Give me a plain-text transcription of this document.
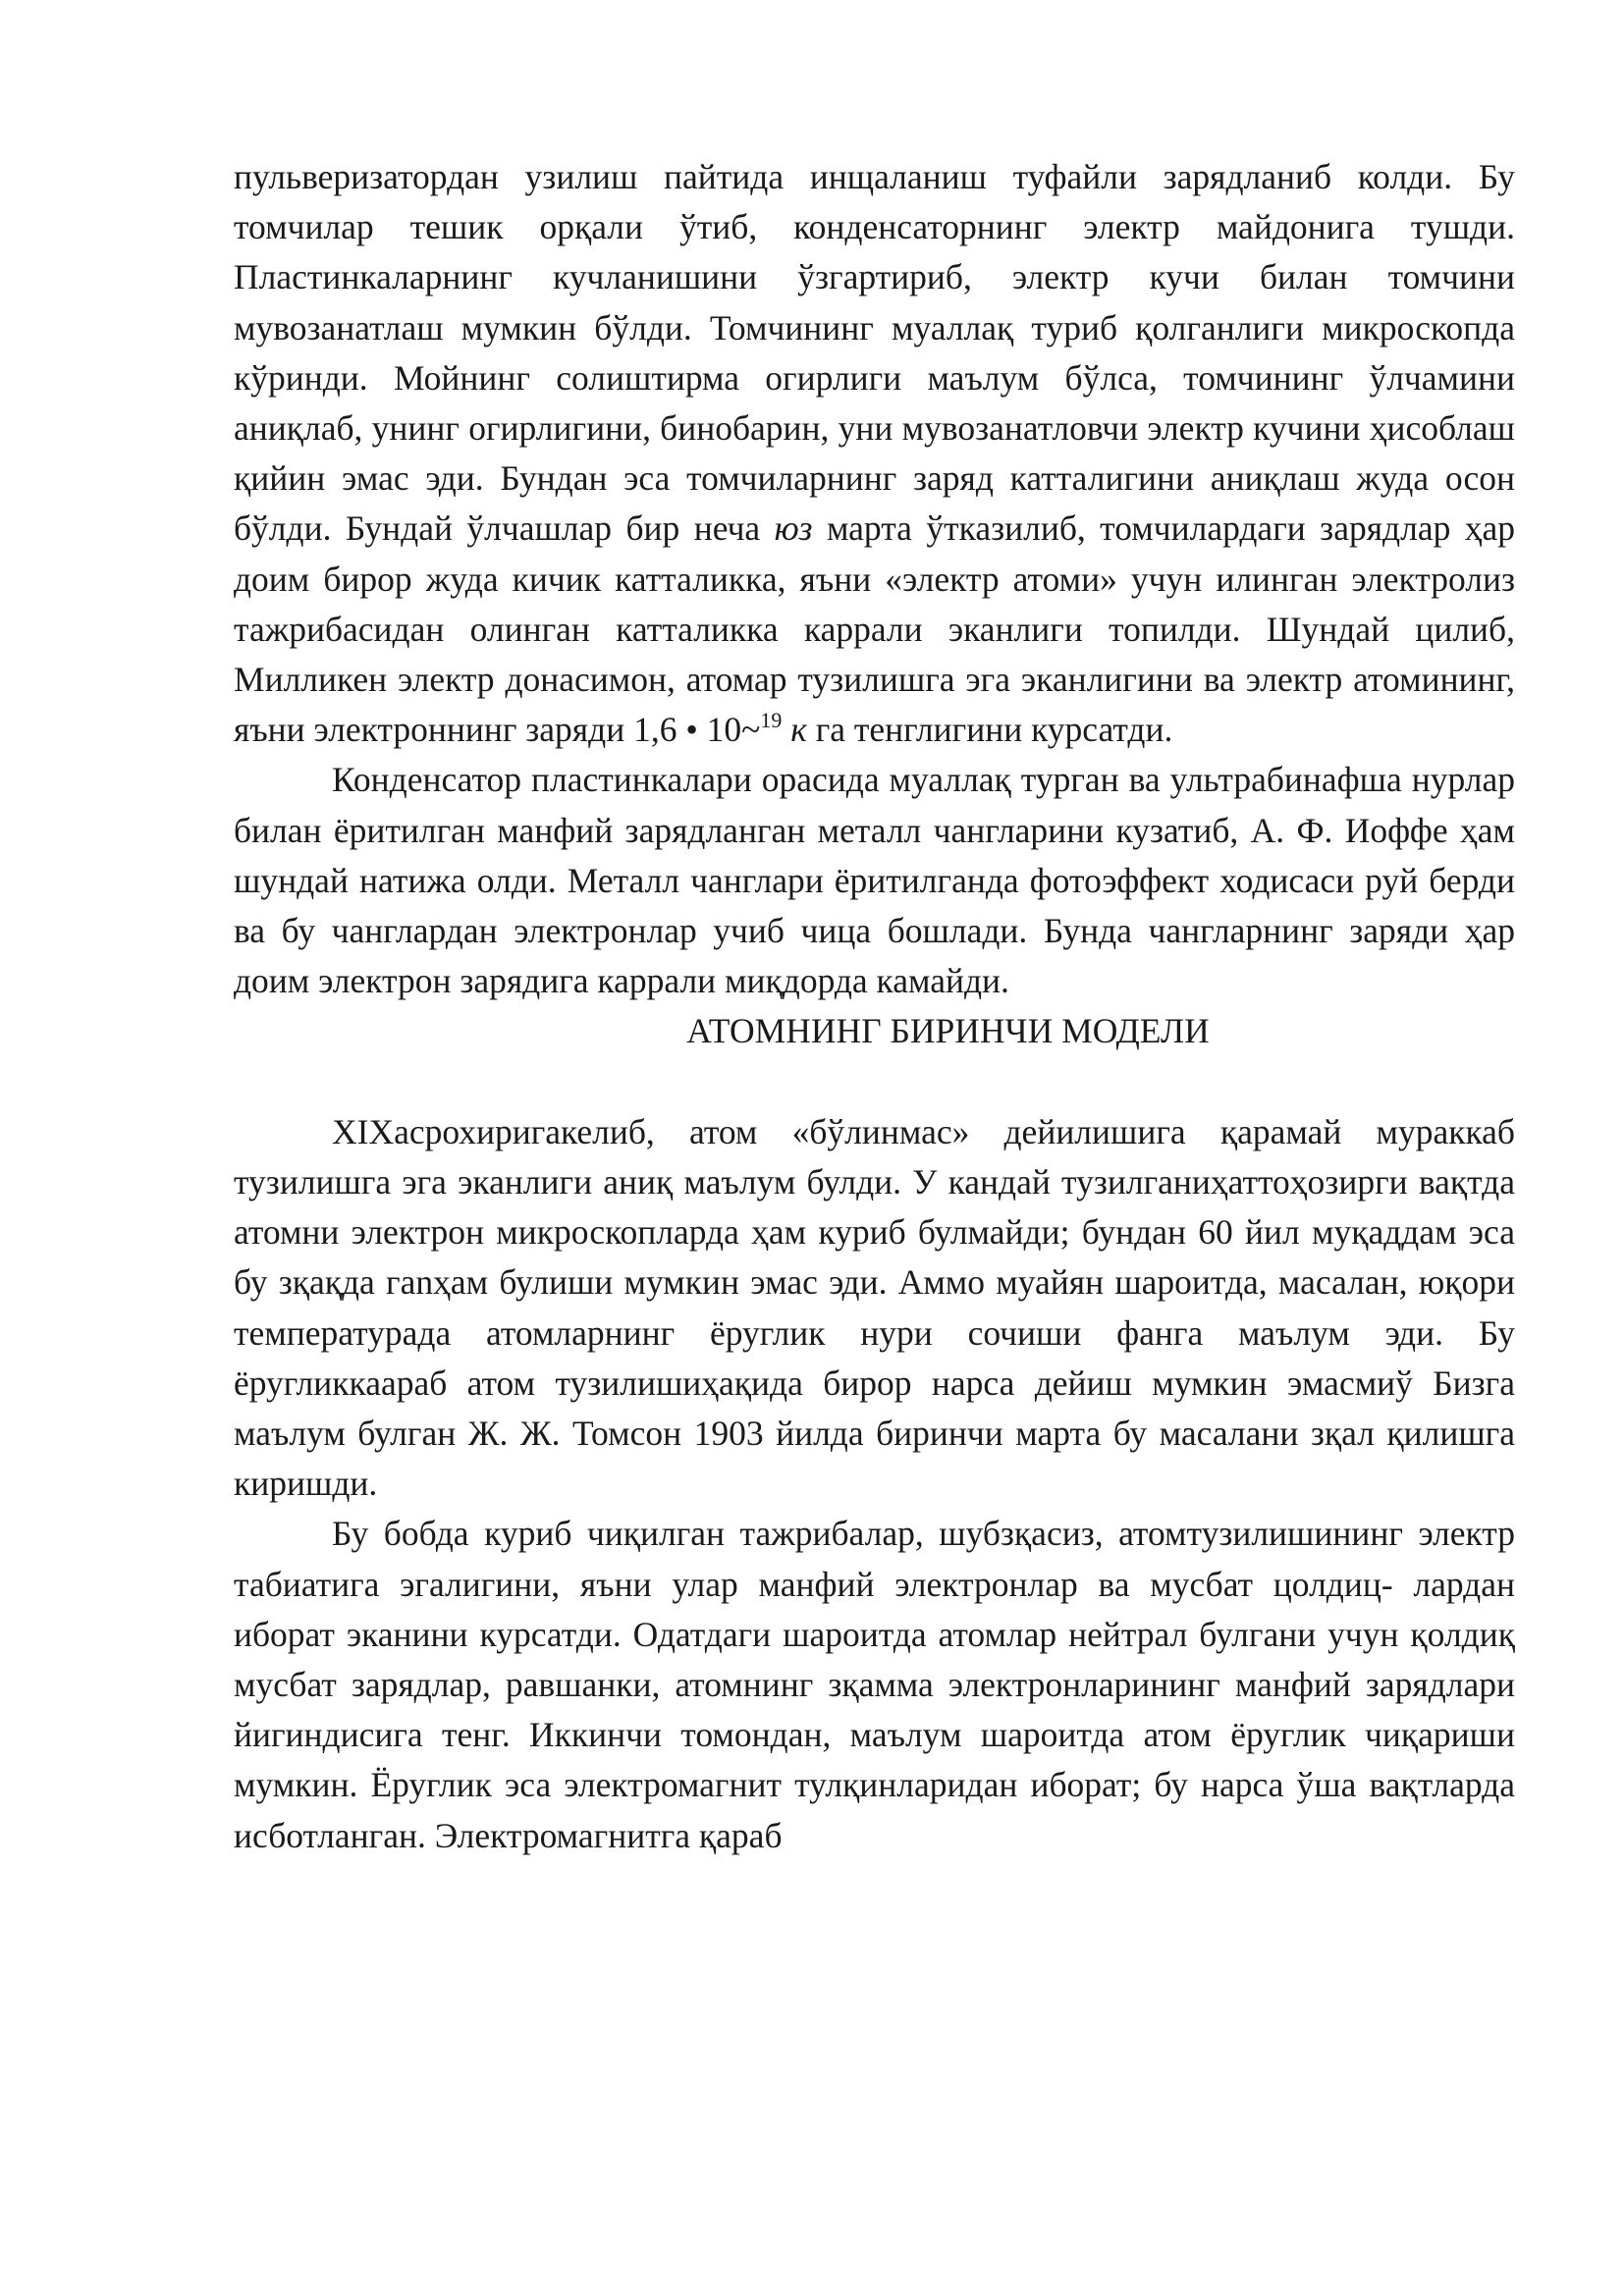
пульверизатордан узилиш пайтида инщаланиш туфайли зарядланиб колди. Бу томчилар тешик орқали ўтиб, конденсаторнинг электр майдонига тушди. Пластинкаларнинг кучланишини ўзгартириб, электр кучи билан томчини мувозанатлаш мумкин бўлди. Томчининг муаллақ туриб қолганлиги микроскопда кўринди. Мойнинг солиштирма огирлиги маълум бўлса, томчининг ўлчамини аниқлаб, унинг огирлигини, бинобарин, уни мувозанатловчи электр кучини ҳисоблаш қийин эмас эди. Бундан эса томчиларнинг заряд катталигини аниқлаш жуда осон бўлди. Бундай ўлчашлар бир неча юз марта ўтказилиб, томчилардаги зарядлар ҳар доим бирор жуда кичик катталикка, яъни «электр атоми» учун илинган электролиз тажрибасидан олинган катталикка каррали эканлиги топилди. Шундай цилиб, Милликен электр донасимон, атомар тузилишга эга эканлигини ва электр атомининг, яъни электроннинг заряди 1,6 • 10~$^{19}$ к га тенглигини курсатди.

Конденсатор пластинкалари орасида муаллақ турган ва ультрабинафша нурлар билан ёритилган манфий зарядланган металл чангларини кузатиб, А. Ф. Иоффе ҳам шундай натижа олди. Металл чанглари ёритилганда фотоэффект ходисаси руй берди ва бу чанглардан электронлар учиб чица бошлади. Бунда чангларнинг заряди ҳар доим электрон зарядига каррали миқдорда камайди.

АТОМНИНГ БИРИНЧИ МОДЕЛИ

XIXасрохиригакелиб, атом «бўлинмас» дейилишига қарамай мураккаб тузилишга эга эканлиги аниқ маълум булди. У кандай тузилганиҳаттоҳозирги вақтда атомни электрон микроскопларда ҳам куриб булмайди; бундан 60 йил муқаддам эса бу зқақда гanҳам булиши мумкин эмас эди. Аммо муайян шароитда, масалан, юқори температурада атомларнинг ёруглик нури сочиши фанга маълум эди. Бу ёругликкаараб атом тузилишиҳақида бирор нарса дейиш мумкин эмасмиў Бизга маълум булган Ж. Ж. Томсон 1903 йилда биринчи марта бу масалани зқал қилишга киришди.

Бу бобда куриб чиқилган тажрибалар, шубзқасиз, атомтузилишининг электр табиатига эгалигини, яъни улар манфий электронлар ва мусбат цолдиц- лардан иборат эканини курсатди. Одатдаги шароитда атомлар нейтрал булгани учун қолдиқ мусбат зарядлар, равшанки, атомнинг зқамма электронларининг манфий зарядлари йигиндисига тенг. Иккинчи томондан, маълум шароитда атом ёруглик чиқариши мумкин. Ёруглик эса электромагнит тулқинларидан иборат; бу нарса ўша вақтларда исботланган. Электромагнитга қараб
